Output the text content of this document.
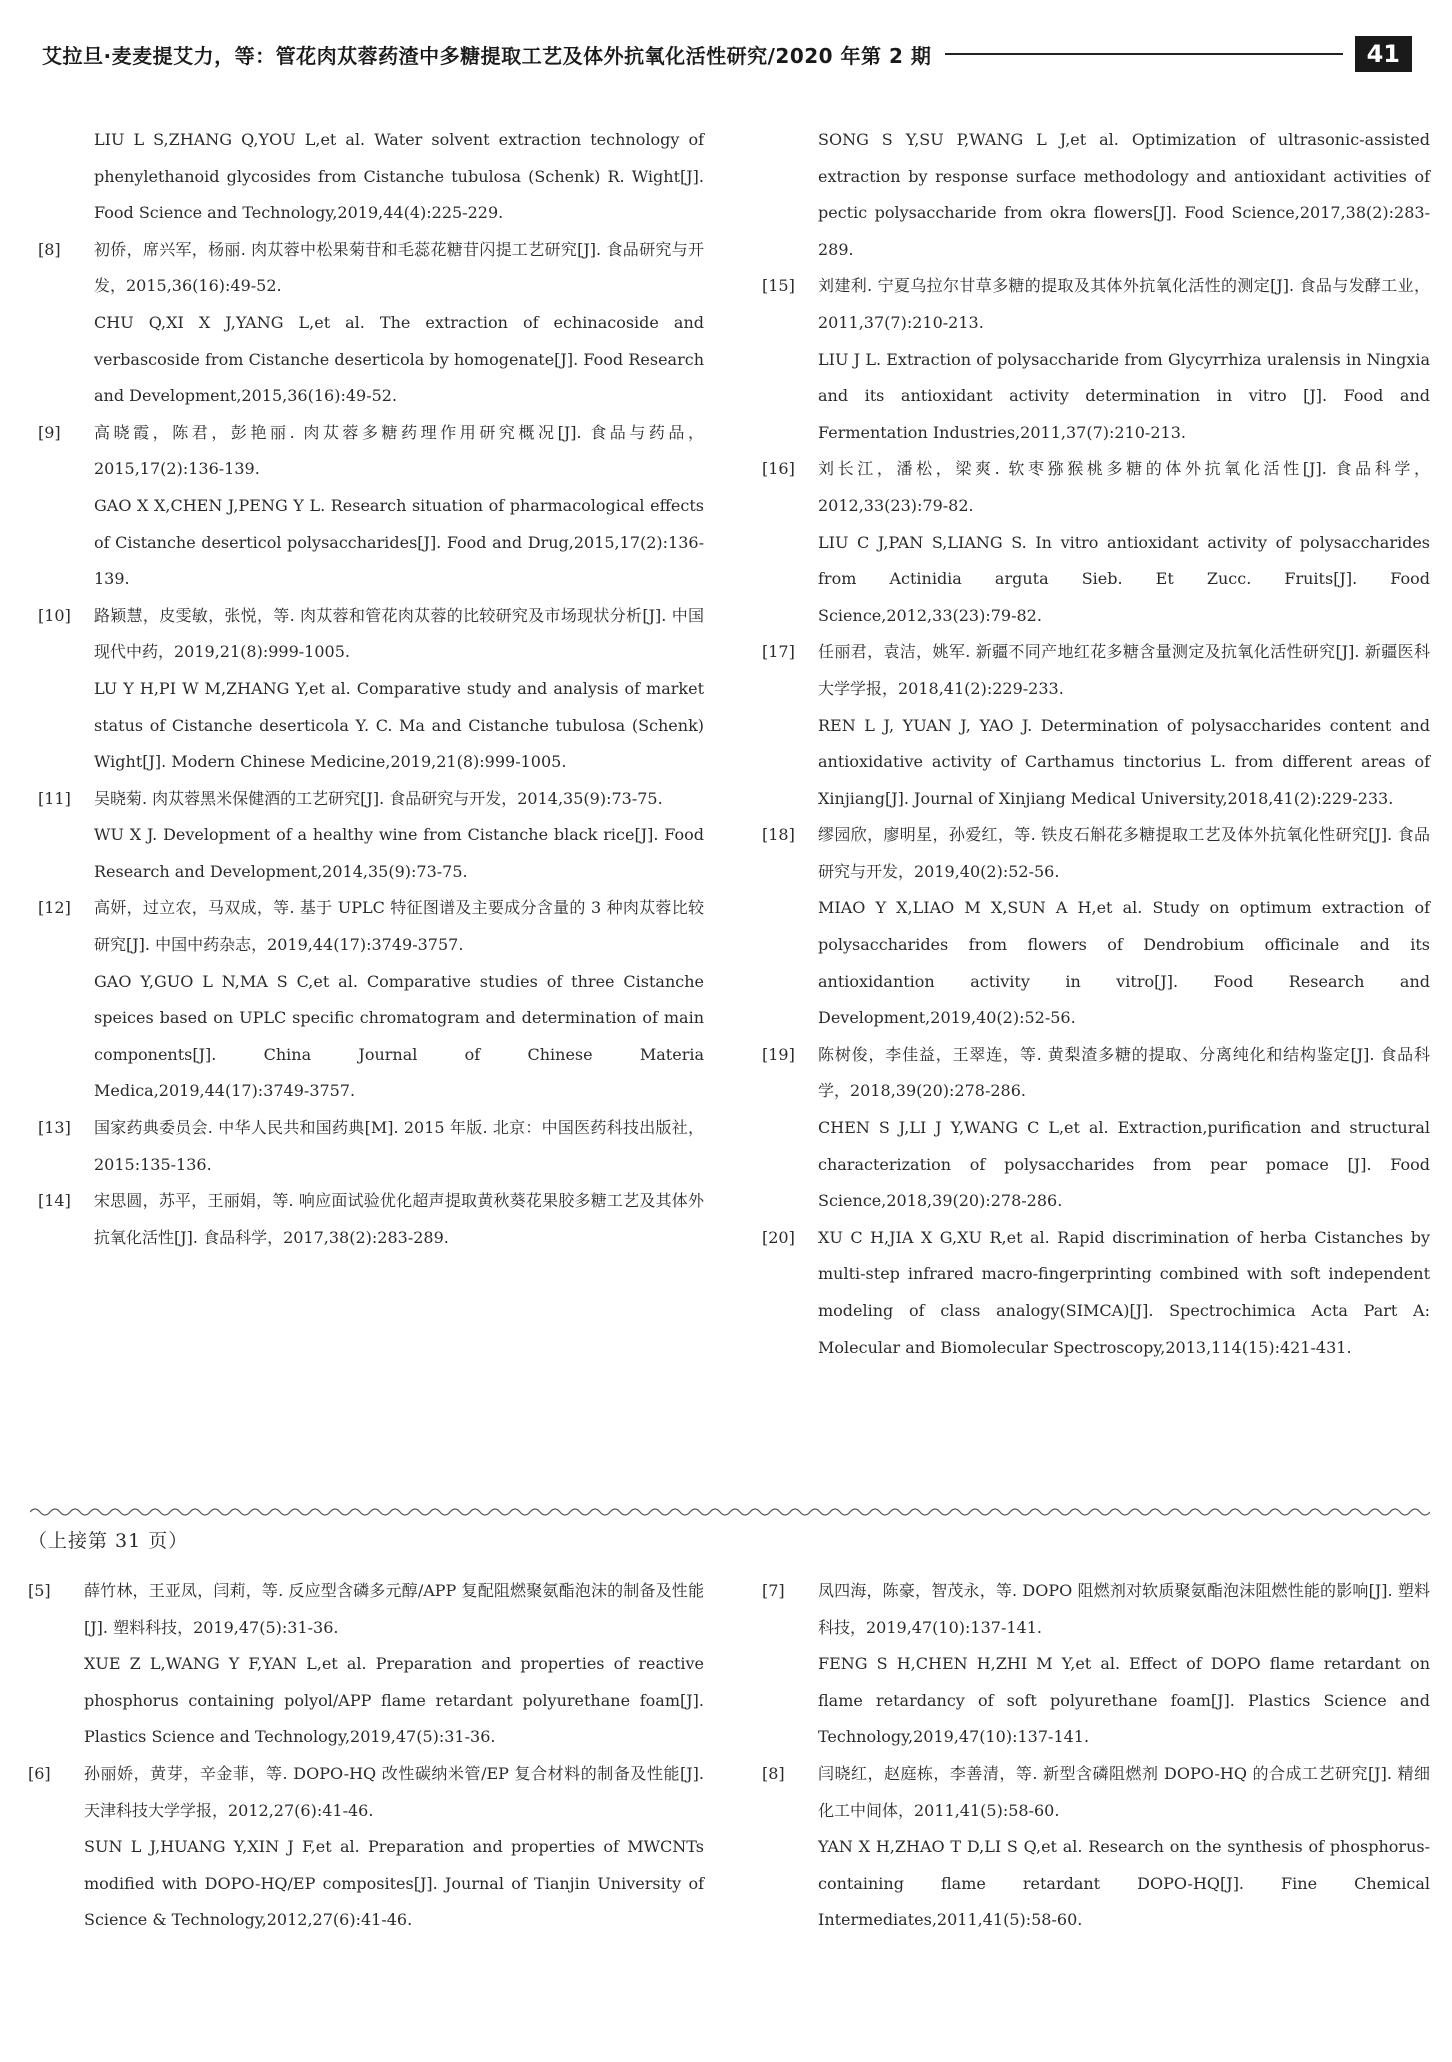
艾拉旦·麦麦提艾力，等：管花肉苁蓉药渣中多糖提取工艺及体外抗氧化活性研究/2020 年第 2 期	41
LIU L S,ZHANG Q,YOU L,et al. Water solvent extraction technology of phenylethanoid glycosides from Cistanche tubulosa (Schenk) R. Wight[J]. Food Science and Technology,2019,44(4):225-229.
[8]	初侨，席兴军，杨丽. 肉苁蓉中松果菊苷和毛蕊花糖苷闪提工艺研究[J]. 食品研究与开发，2015,36(16):49-52.
CHU Q,XI X J,YANG L,et al. The extraction of echinacoside and verbascoside from Cistanche deserticola by homogenate[J]. Food Research and Development,2015,36(16):49-52.
[9]	高晓霞，陈君，彭艳丽. 肉苁蓉多糖药理作用研究概况[J]. 食品与药品，2015,17(2):136-139.
GAO X X,CHEN J,PENG Y L. Research situation of pharmacological effects of Cistanche deserticol polysaccharides[J]. Food and Drug,2015,17(2):136-139.
[10]	路颖慧，皮雯敏，张悦，等. 肉苁蓉和管花肉苁蓉的比较研究及市场现状分析[J]. 中国现代中药，2019,21(8):999-1005.
LU Y H,PI W M,ZHANG Y,et al. Comparative study and analysis of market status of Cistanche deserticola Y. C. Ma and Cistanche tubulosa (Schenk) Wight[J]. Modern Chinese Medicine,2019,21(8):999-1005.
[11]	吴晓菊. 肉苁蓉黑米保健酒的工艺研究[J]. 食品研究与开发，2014,35(9):73-75.
WU X J. Development of a healthy wine from Cistanche black rice[J]. Food Research and Development,2014,35(9):73-75.
[12]	高妍，过立农，马双成，等. 基于 UPLC 特征图谱及主要成分含量的 3 种肉苁蓉比较研究[J]. 中国中药杂志，2019,44(17):3749-3757.
GAO Y,GUO L N,MA S C,et al. Comparative studies of three Cistanche speices based on UPLC specific chromatogram and determination of main components[J]. China Journal of Chinese Materia Medica,2019,44(17):3749-3757.
[13]	国家药典委员会. 中华人民共和国药典[M]. 2015 年版. 北京：中国医药科技出版社，2015:135-136.
[14]	宋思圆，苏平，王丽娟，等. 响应面试验优化超声提取黄秋葵花果胶多糖工艺及其体外抗氧化活性[J]. 食品科学，2017,38(2):283-289.
SONG S Y,SU P,WANG L J,et al. Optimization of ultrasonic-assisted extraction by response surface methodology and antioxidant activities of pectic polysaccharide from okra flowers[J]. Food Science,2017,38(2):283-289.
[15]	刘建利. 宁夏乌拉尔甘草多糖的提取及其体外抗氧化活性的测定[J]. 食品与发酵工业，2011,37(7):210-213.
LIU J L. Extraction of polysaccharide from Glycyrrhiza uralensis in Ningxia and its antioxidant activity determination in vitro [J]. Food and Fermentation Industries,2011,37(7):210-213.
[16]	刘长江，潘松，梁爽. 软枣猕猴桃多糖的体外抗氧化活性[J]. 食品科学，2012,33(23):79-82.
LIU C J,PAN S,LIANG S. In vitro antioxidant activity of polysaccharides from Actinidia arguta Sieb. Et Zucc. Fruits[J]. Food Science,2012,33(23):79-82.
[17]	任丽君，袁洁，姚军. 新疆不同产地红花多糖含量测定及抗氧化活性研究[J]. 新疆医科大学学报，2018,41(2):229-233.
REN L J, YUAN J, YAO J. Determination of polysaccharides content and antioxidative activity of Carthamus tinctorius L. from different areas of Xinjiang[J]. Journal of Xinjiang Medical University,2018,41(2):229-233.
[18]	缪园欣，廖明星，孙爱红，等. 铁皮石斛花多糖提取工艺及体外抗氧化性研究[J]. 食品研究与开发，2019,40(2):52-56.
MIAO Y X,LIAO M X,SUN A H,et al. Study on optimum extraction of polysaccharides from flowers of Dendrobium officinale and its antioxidantion activity in vitro[J]. Food Research and Development,2019,40(2):52-56.
[19]	陈树俊，李佳益，王翠连，等. 黄梨渣多糖的提取、分离纯化和结构鉴定[J]. 食品科学，2018,39(20):278-286.
CHEN S J,LI J Y,WANG C L,et al. Extraction,purification and structural characterization of polysaccharides from pear pomace [J]. Food Science,2018,39(20):278-286.
[20]	XU C H,JIA X G,XU R,et al. Rapid discrimination of herba Cistanches by multi-step infrared macro-fingerprinting combined with soft independent modeling of class analogy(SIMCA)[J]. Spectrochimica Acta Part A: Molecular and Biomolecular Spectroscopy,2013,114(15):421-431.
（上接第 31 页）
[5]	薛竹林，王亚凤，闫莉，等. 反应型含磷多元醇/APP 复配阻燃聚氨酯泡沫的制备及性能[J]. 塑料科技，2019,47(5):31-36.
XUE Z L,WANG Y F,YAN L,et al. Preparation and properties of reactive phosphorus containing polyol/APP flame retardant polyurethane foam[J]. Plastics Science and Technology,2019,47(5):31-36.
[6]	孙丽娇，黄芽，辛金菲，等. DOPO-HQ 改性碳纳米管/EP 复合材料的制备及性能[J]. 天津科技大学学报，2012,27(6):41-46.
SUN L J,HUANG Y,XIN J F,et al. Preparation and properties of MWCNTs modified with DOPO-HQ/EP composites[J]. Journal of Tianjin University of Science & Technology,2012,27(6):41-46.
[7]	凤四海，陈豪，智茂永，等. DOPO 阻燃剂对软质聚氨酯泡沫阻燃性能的影响[J]. 塑料科技，2019,47(10):137-141.
FENG S H,CHEN H,ZHI M Y,et al. Effect of DOPO flame retardant on flame retardancy of soft polyurethane foam[J]. Plastics Science and Technology,2019,47(10):137-141.
[8]	闫晓红，赵庭栋，李善清，等. 新型含磷阻燃剂 DOPO-HQ 的合成工艺研究[J]. 精细化工中间体，2011,41(5):58-60.
YAN X H,ZHAO T D,LI S Q,et al. Research on the synthesis of phosphorus-containing flame retardant DOPO-HQ[J]. Fine Chemical Intermediates,2011,41(5):58-60.
